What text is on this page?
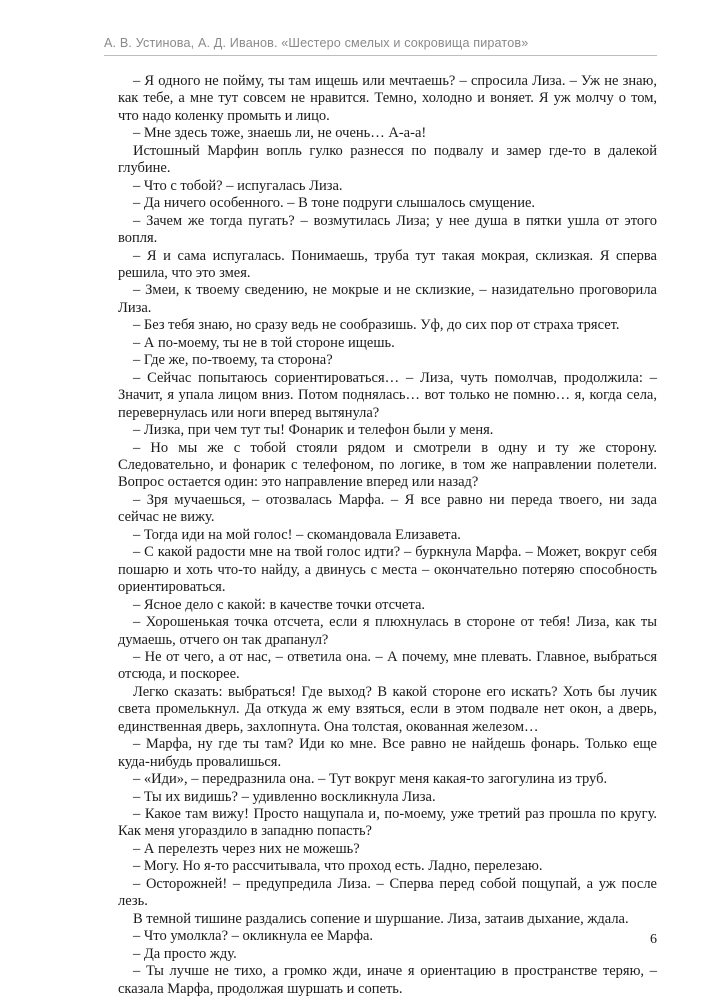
А. В. Устинова, А. Д. Иванов. «Шестеро смелых и сокровища пиратов»

– Я одного не пойму, ты там ищешь или мечтаешь? – спросила Лиза. – Уж не знаю, как тебе, а мне тут совсем не нравится. Темно, холодно и воняет. Я уж молчу о том, что надо коленку промыть и лицо.

– Мне здесь тоже, знаешь ли, не очень… А-а-а!

Истошный Марфин вопль гулко разнесся по подвалу и замер где-то в далекой глубине.

– Что с тобой? – испугалась Лиза.

– Да ничего особенного. – В тоне подруги слышалось смущение.

– Зачем же тогда пугать? – возмутилась Лиза; у нее душа в пятки ушла от этого вопля.

– Я и сама испугалась. Понимаешь, труба тут такая мокрая, склизкая. Я сперва решила, что это змея.

– Змеи, к твоему сведению, не мокрые и не склизкие, – назидательно проговорила Лиза.

– Без тебя знаю, но сразу ведь не сообразишь. Уф, до сих пор от страха трясет.

– А по-моему, ты не в той стороне ищешь.

– Где же, по-твоему, та сторона?

– Сейчас попытаюсь сориентироваться… – Лиза, чуть помолчав, продолжила: – Значит, я упала лицом вниз. Потом поднялась… вот только не помню… я, когда села, перевернулась или ноги вперед вытянула?

– Лизка, при чем тут ты! Фонарик и телефон были у меня.

– Но мы же с тобой стояли рядом и смотрели в одну и ту же сторону. Следовательно, и фонарик с телефоном, по логике, в том же направлении полетели. Вопрос остается один: это направление вперед или назад?

– Зря мучаешься, – отозвалась Марфа. – Я все равно ни переда твоего, ни зада сейчас не вижу.

– Тогда иди на мой голос! – скомандовала Елизавета.

– С какой радости мне на твой голос идти? – буркнула Марфа. – Может, вокруг себя пошарю и хоть что-то найду, а двинусь с места – окончательно потеряю способность ориентироваться.

– Ясное дело с какой: в качестве точки отсчета.

– Хорошенькая точка отсчета, если я плюхнулась в стороне от тебя! Лиза, как ты думаешь, отчего он так драпанул?

– Не от чего, а от нас, – ответила она. – А почему, мне плевать. Главное, выбраться отсюда, и поскорее.

Легко сказать: выбраться! Где выход? В какой стороне его искать? Хоть бы лучик света промелькнул. Да откуда ж ему взяться, если в этом подвале нет окон, а дверь, единственная дверь, захлопнута. Она толстая, окованная железом…

– Марфа, ну где ты там? Иди ко мне. Все равно не найдешь фонарь. Только еще куда-нибудь провалишься.

– «Иди», – передразнила она. – Тут вокруг меня какая-то загогулина из труб.

– Ты их видишь? – удивленно воскликнула Лиза.

– Какое там вижу! Просто нащупала и, по-моему, уже третий раз прошла по кругу. Как меня угораздило в западню попасть?

– А перелезть через них не можешь?

– Могу. Но я-то рассчитывала, что проход есть. Ладно, перелезаю.

– Осторожней! – предупредила Лиза. – Сперва перед собой пощупай, а уж после лезь.

В темной тишине раздались сопение и шуршание. Лиза, затаив дыхание, ждала.

– Что умолкла? – окликнула ее Марфа.

– Да просто жду.

– Ты лучше не тихо, а громко жди, иначе я ориентацию в пространстве теряю, – сказала Марфа, продолжая шуршать и сопеть.

6
